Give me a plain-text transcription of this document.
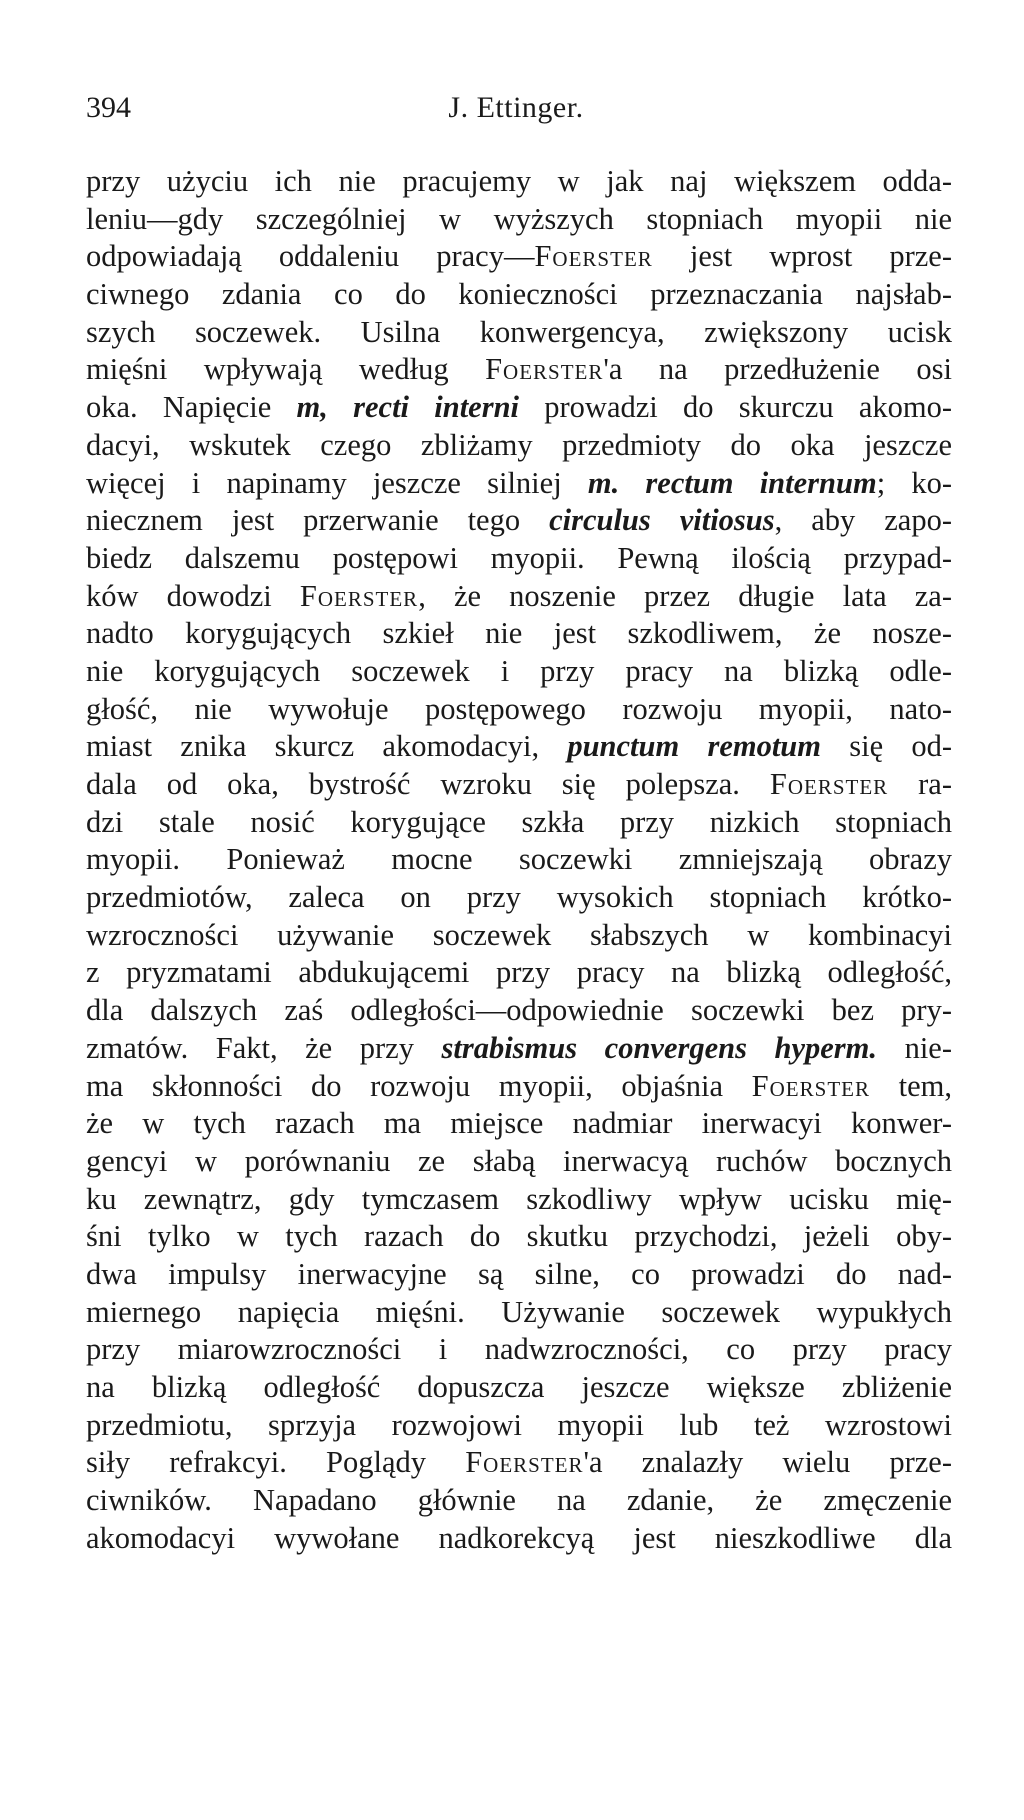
394	J. Ettinger.
przy użyciu ich nie pracujemy w jak naj większem odda-
leniu—gdy szczególniej w wyższych stopniach myopii nie
odpowiadają oddaleniu pracy—Foerster jest wprost prze-
ciwnego zdania co do konieczności przeznaczania najsłab-
szych soczewek. Usilna konwergencya, zwiększony ucisk
mięśni wpływają według Foerster'a na przedłużenie osi
oka. Napięcie m, recti interni prowadzi do skurczu akomo-
dacyi, wskutek czego zbliżamy przedmioty do oka jeszcze
więcej i napinamy jeszcze silniej m. rectum internum; ko-
niecznem jest przerwanie tego circulus vitiosus, aby zapo-
biedz dalszemu postępowi myopii. Pewną ilością przypad-
ków dowodzi Foerster, że noszenie przez długie lata za-
nadto korygujących szkieł nie jest szkodliwem, że nosze-
nie korygujących soczewek i przy pracy na blizką odle-
głość, nie wywołuje postępowego rozwoju myopii, nato-
miast znika skurcz akomodacyi, punctum remotum się od-
dala od oka, bystrość wzroku się polepsza. Foerster ra-
dzi stale nosić korygujące szkła przy nizkich stopniach
myopii. Ponieważ mocne soczewki zmniejszają obrazy
przedmiotów, zaleca on przy wysokich stopniach krótko-
wzroczności używanie soczewek słabszych w kombinacyi
z pryzmatami abdukującemi przy pracy na blizką odległość,
dla dalszych zaś odległości—odpowiednie soczewki bez pry-
zmatów. Fakt, że przy strabismus convergens hyperm. nie-
ma skłonności do rozwoju myopii, objaśnia Foerster tem,
że w tych razach ma miejsce nadmiar inerwacyi konwer-
gencyi w porównaniu ze słabą inerwacyą ruchów bocznych
ku zewnątrz, gdy tymczasem szkodliwy wpływ ucisku mię-
śni tylko w tych razach do skutku przychodzi, jeżeli oby-
dwa impulsy inerwacyjne są silne, co prowadzi do nad-
miernego napięcia mięśni. Używanie soczewek wypukłych
przy miarowzroczności i nadwzroczności, co przy pracy
na blizką odległość dopuszcza jeszcze większe zbliżenie
przedmiotu, sprzyja rozwojowi myopii lub też wzrostowi
siły refrakcyi. Poglądy Foerster'a znalazły wielu prze-
ciwników. Napadano głównie na zdanie, że zmęczenie
akomodacyi wywołane nadkorekcyą jest nieszkodliwe dla
